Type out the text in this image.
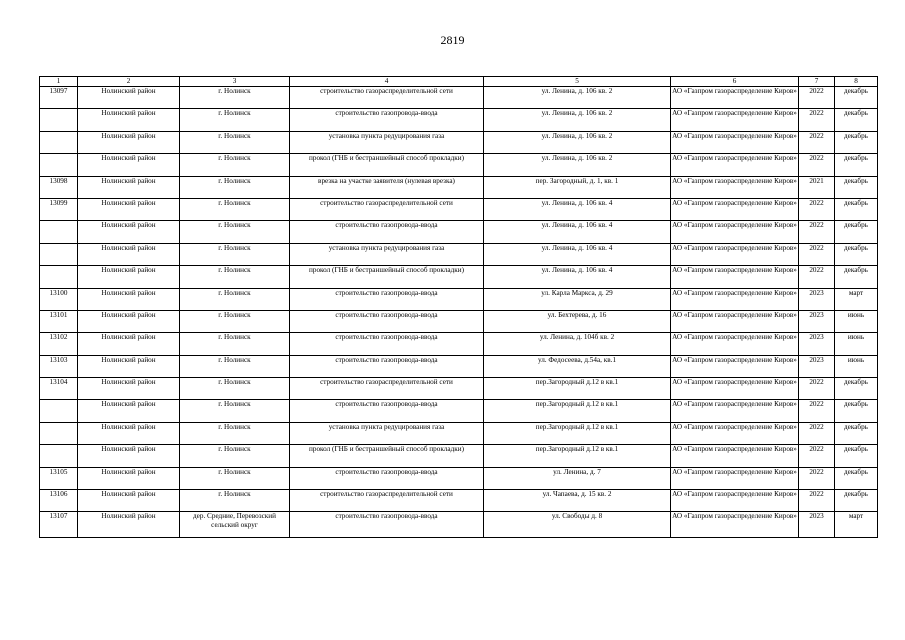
2819
1	2	3	4	5	6	7	8
13097	Нолинский район	г. Нолинск	строительство газораспределительной сети	ул. Ленина, д. 106 кв. 2	АО «Газпром газораспределение Киров»	2022	декабрь
	Нолинский район	г. Нолинск	строительство газопровода-ввода	ул. Ленина, д. 106 кв. 2	АО «Газпром газораспределение Киров»	2022	декабрь
	Нолинский район	г. Нолинск	установка пункта редуцирования газа	ул. Ленина, д. 106 кв. 2	АО «Газпром газораспределение Киров»	2022	декабрь
	Нолинский район	г. Нолинск	прокол (ГНБ и бестраншейный способ прокладки)	ул. Ленина, д. 106 кв. 2	АО «Газпром газораспределение Киров»	2022	декабрь
13098	Нолинский район	г. Нолинск	врезка на участке заявителя (нулевая врезка)	пер. Загородный, д. 1, кв. 1	АО «Газпром газораспределение Киров»	2021	декабрь
13099	Нолинский район	г. Нолинск	строительство газораспределительной сети	ул. Ленина, д. 106 кв. 4	АО «Газпром газораспределение Киров»	2022	декабрь
	Нолинский район	г. Нолинск	строительство газопровода-ввода	ул. Ленина, д. 106 кв. 4	АО «Газпром газораспределение Киров»	2022	декабрь
	Нолинский район	г. Нолинск	установка пункта редуцирования газа	ул. Ленина, д. 106 кв. 4	АО «Газпром газораспределение Киров»	2022	декабрь
	Нолинский район	г. Нолинск	прокол (ГНБ и бестраншейный способ прокладки)	ул. Ленина, д. 106 кв. 4	АО «Газпром газораспределение Киров»	2022	декабрь
13100	Нолинский район	г. Нолинск	строительство газопровода-ввода	ул. Карла Маркса, д. 29	АО «Газпром газораспределение Киров»	2023	март
13101	Нолинский район	г. Нолинск	строительство газопровода-ввода	ул. Бехтерева, д. 16	АО «Газпром газораспределение Киров»	2023	июнь
13102	Нолинский район	г. Нолинск	строительство газопровода-ввода	ул. Ленина, д. 104б кв. 2	АО «Газпром газораспределение Киров»	2023	июнь
13103	Нолинский район	г. Нолинск	строительство газопровода-ввода	ул. Федосеева, д.54а, кв.1	АО «Газпром газораспределение Киров»	2023	июнь
13104	Нолинский район	г. Нолинск	строительство газораспределительной сети	пер.Загородный д.12 в кв.1	АО «Газпром газораспределение Киров»	2022	декабрь
	Нолинский район	г. Нолинск	строительство газопровода-ввода	пер.Загородный д.12 в кв.1	АО «Газпром газораспределение Киров»	2022	декабрь
	Нолинский район	г. Нолинск	установка пункта редуцирования газа	пер.Загородный д.12 в кв.1	АО «Газпром газораспределение Киров»	2022	декабрь
	Нолинский район	г. Нолинск	прокол (ГНБ и бестраншейный способ прокладки)	пер.Загородный д.12 в кв.1	АО «Газпром газораспределение Киров»	2022	декабрь
13105	Нолинский район	г. Нолинск	строительство газопровода-ввода	ул. Ленина, д. 7	АО «Газпром газораспределение Киров»	2022	декабрь
13106	Нолинский район	г. Нолинск	строительство газораспределительной сети	ул. Чапаева, д. 15 кв. 2	АО «Газпром газораспределение Киров»	2022	декабрь
13107	Нолинский район	дер. Средние, Перевозский сельский округ	строительство газопровода-ввода	ул. Свободы д. 8	АО «Газпром газораспределение Киров»	2023	март
